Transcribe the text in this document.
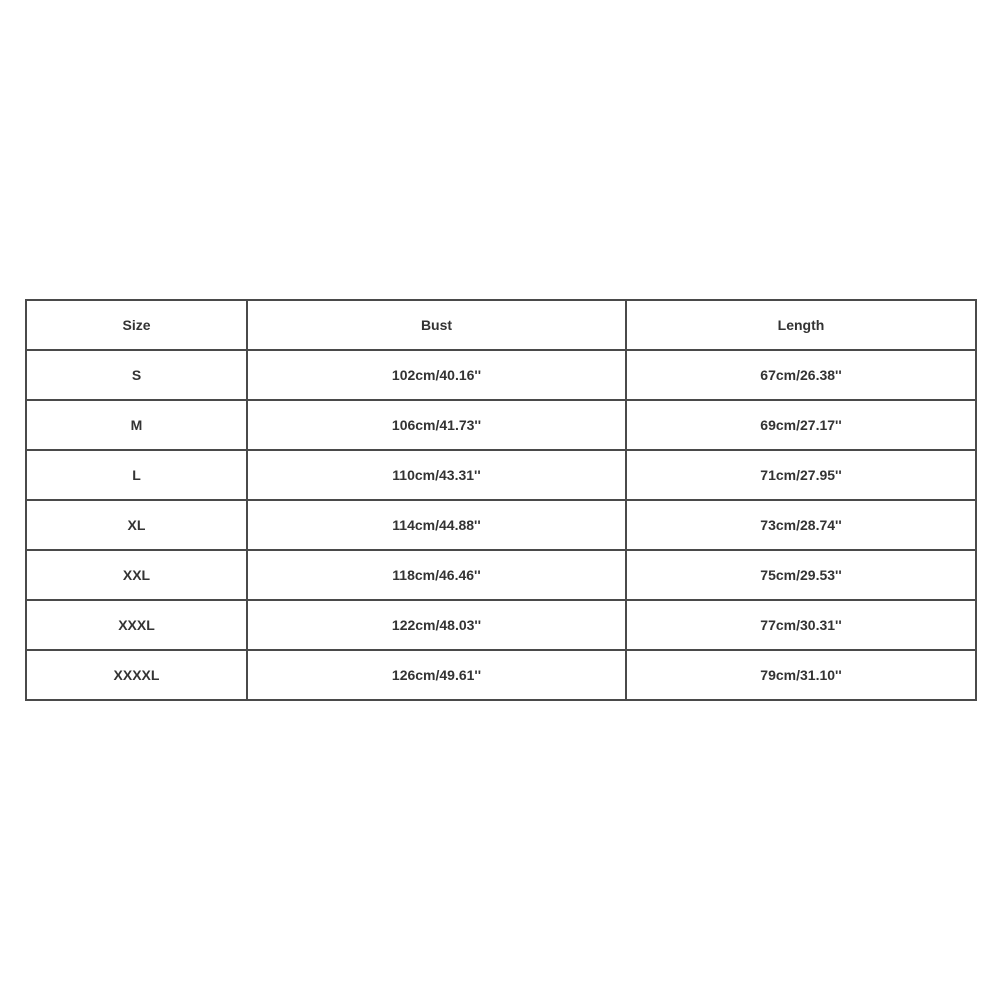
Size	Bust	Length
S	102cm/40.16''	67cm/26.38''
M	106cm/41.73''	69cm/27.17''
L	110cm/43.31''	71cm/27.95''
XL	114cm/44.88''	73cm/28.74''
XXL	118cm/46.46''	75cm/29.53''
XXXL	122cm/48.03''	77cm/30.31''
XXXXL	126cm/49.61''	79cm/31.10''
